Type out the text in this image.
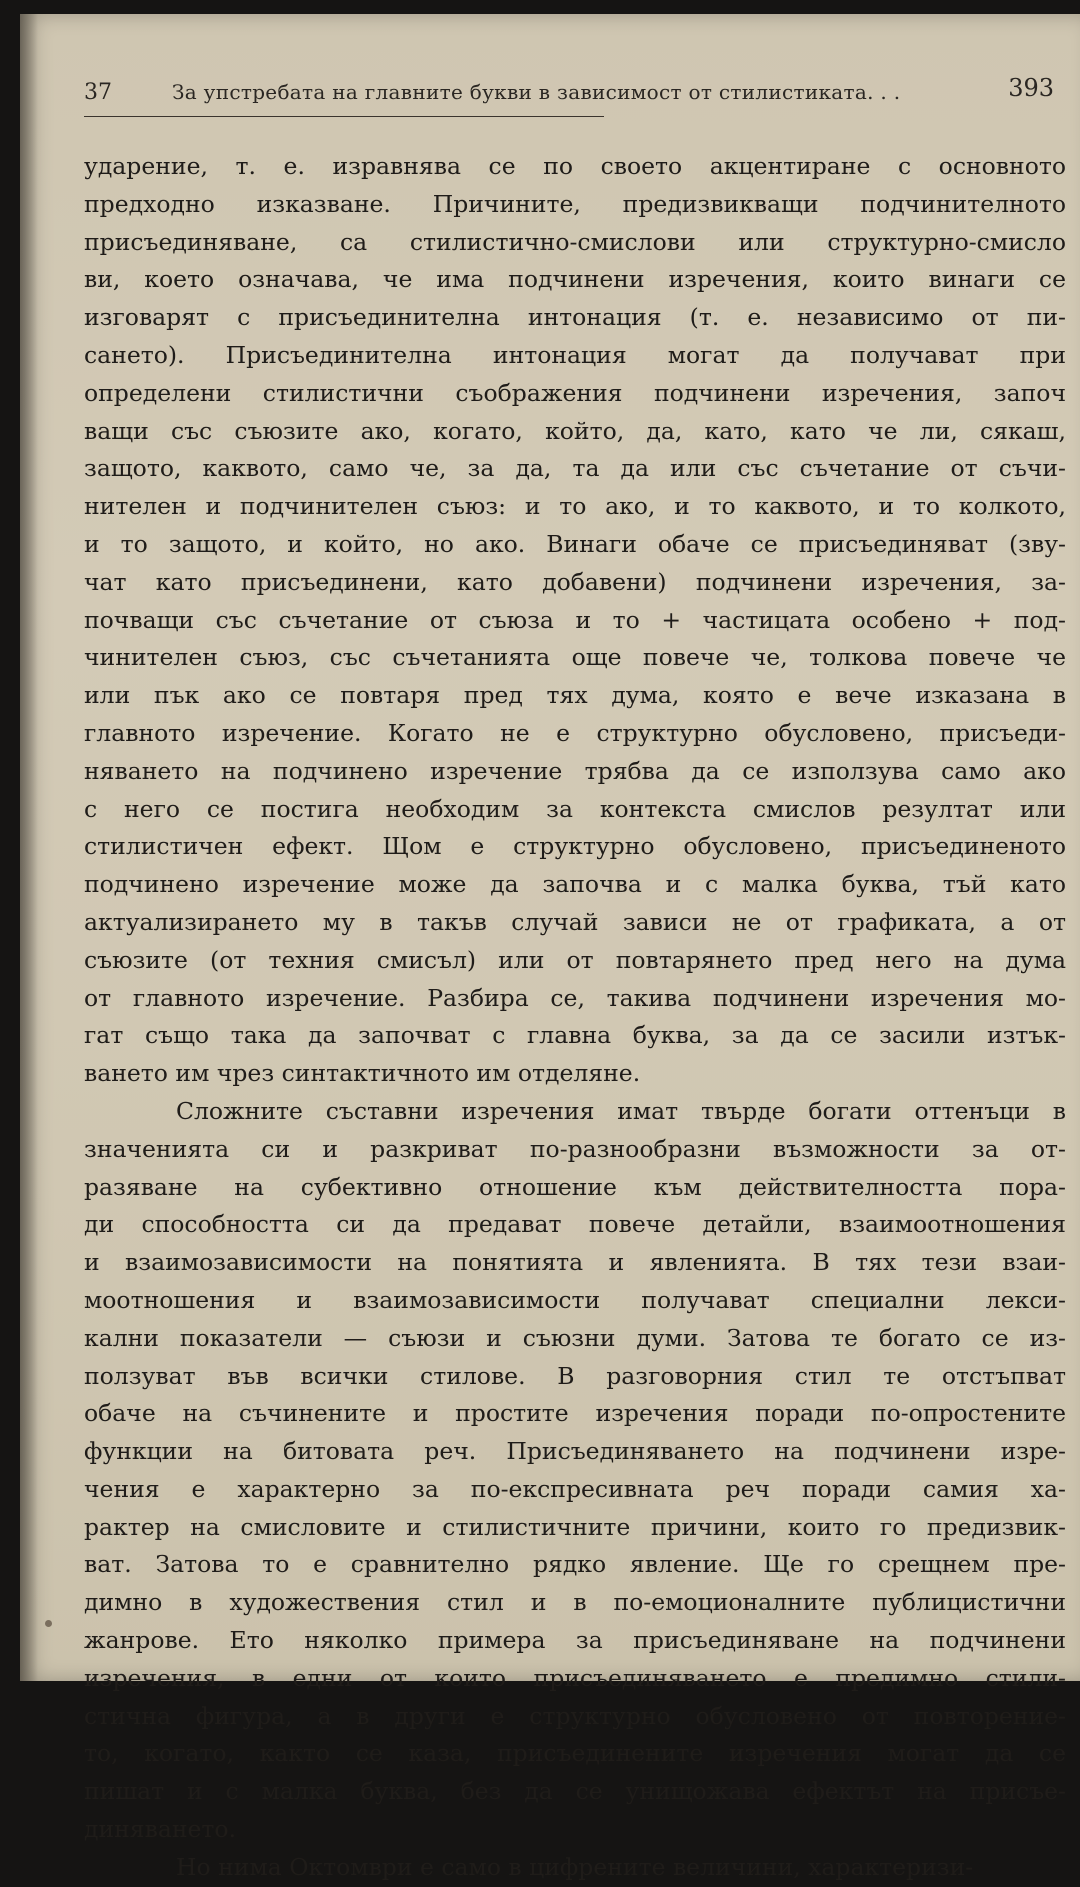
37	За упстребата на главните букви в зависимост от стилистиката. . .	393
ударение, т. е. изравнява се по своето акцентиране с основното
предходно изказване. Причините, предизвикващи подчинителното
присъединяване, са стилистично-смислови или структурно-смисло
ви, което означава, че има подчинени изречения, които винаги се
изговарят с присъединителна интонация (т. е. независимо от пи-
сането). Присъединителна интонация могат да получават при
определени стилистични съображения подчинени изречения, започ
ващи със съюзите ако, когато, който, да, като, като че ли, сякаш,
защото, каквото, само че, за да, та да или със съчетание от съчи-
нителен и подчинителен съюз: и то ако, и то каквото, и то колкото,
и то защото, и който, но ако. Винаги обаче се присъединяват (зву-
чат като присъединени, като добавени) подчинени изречения, за-
почващи със съчетание от съюза и то + частицата особено + под-
чинителен съюз, със съчетанията още повече че, толкова повече че
или пък ако се повтаря пред тях дума, която е вече изказана в
главното изречение. Когато не е структурно обусловено, присъеди-
няването на подчинено изречение трябва да се използува само ако
с него се постига необходим за контекста смислов резултат или
стилистичен ефект. Щом е структурно обусловено, присъединеното
подчинено изречение може да започва и с малка буква, тъй като
актуализирането му в такъв случай зависи не от графиката, а от
съюзите (от техния смисъл) или от повтарянето пред него на дума
от главното изречение. Разбира се, такива подчинени изречения мо-
гат също така да започват с главна буква, за да се засили изтък-
ването им чрез синтактичното им отделяне.
Сложните съставни изречения имат твърде богати оттенъци в
значенията си и разкриват по-разнообразни възможности за от-
разяване на субективно отношение към действителността пора-
ди способността си да предават повече детайли, взаимоотношения
и взаимозависимости на понятията и явленията. В тях тези взаи-
моотношения и взаимозависимости получават специални лекси-
кални показатели — съюзи и съюзни думи. Затова те богато се из-
ползуват във всички стилове. В разговорния стил те отстъпват
обаче на съчинените и простите изречения поради по-опростените
функции на битовата реч. Присъединяването на подчинени изре-
чения е характерно за по-експресивната реч поради самия ха-
рактер на смисловите и стилистичните причини, които го предизвик-
ват. Затова то е сравнително рядко явление. Ще го срещнем пре-
димно в художествения стил и в по-емоционалните публицистични
жанрове. Ето няколко примера за присъединяване на подчинени
изречения, в едни от които присъединяването е предимно стили-
стична фигура, а в други е структурно обусловено от повторение-
то, когато, както се каза, присъединените изречения могат да се
пишат и с малка буква, без да се унищожава ефектът на присъе-
диняването.
Но нима Октомври е само в цифрените величини, характеризи-
